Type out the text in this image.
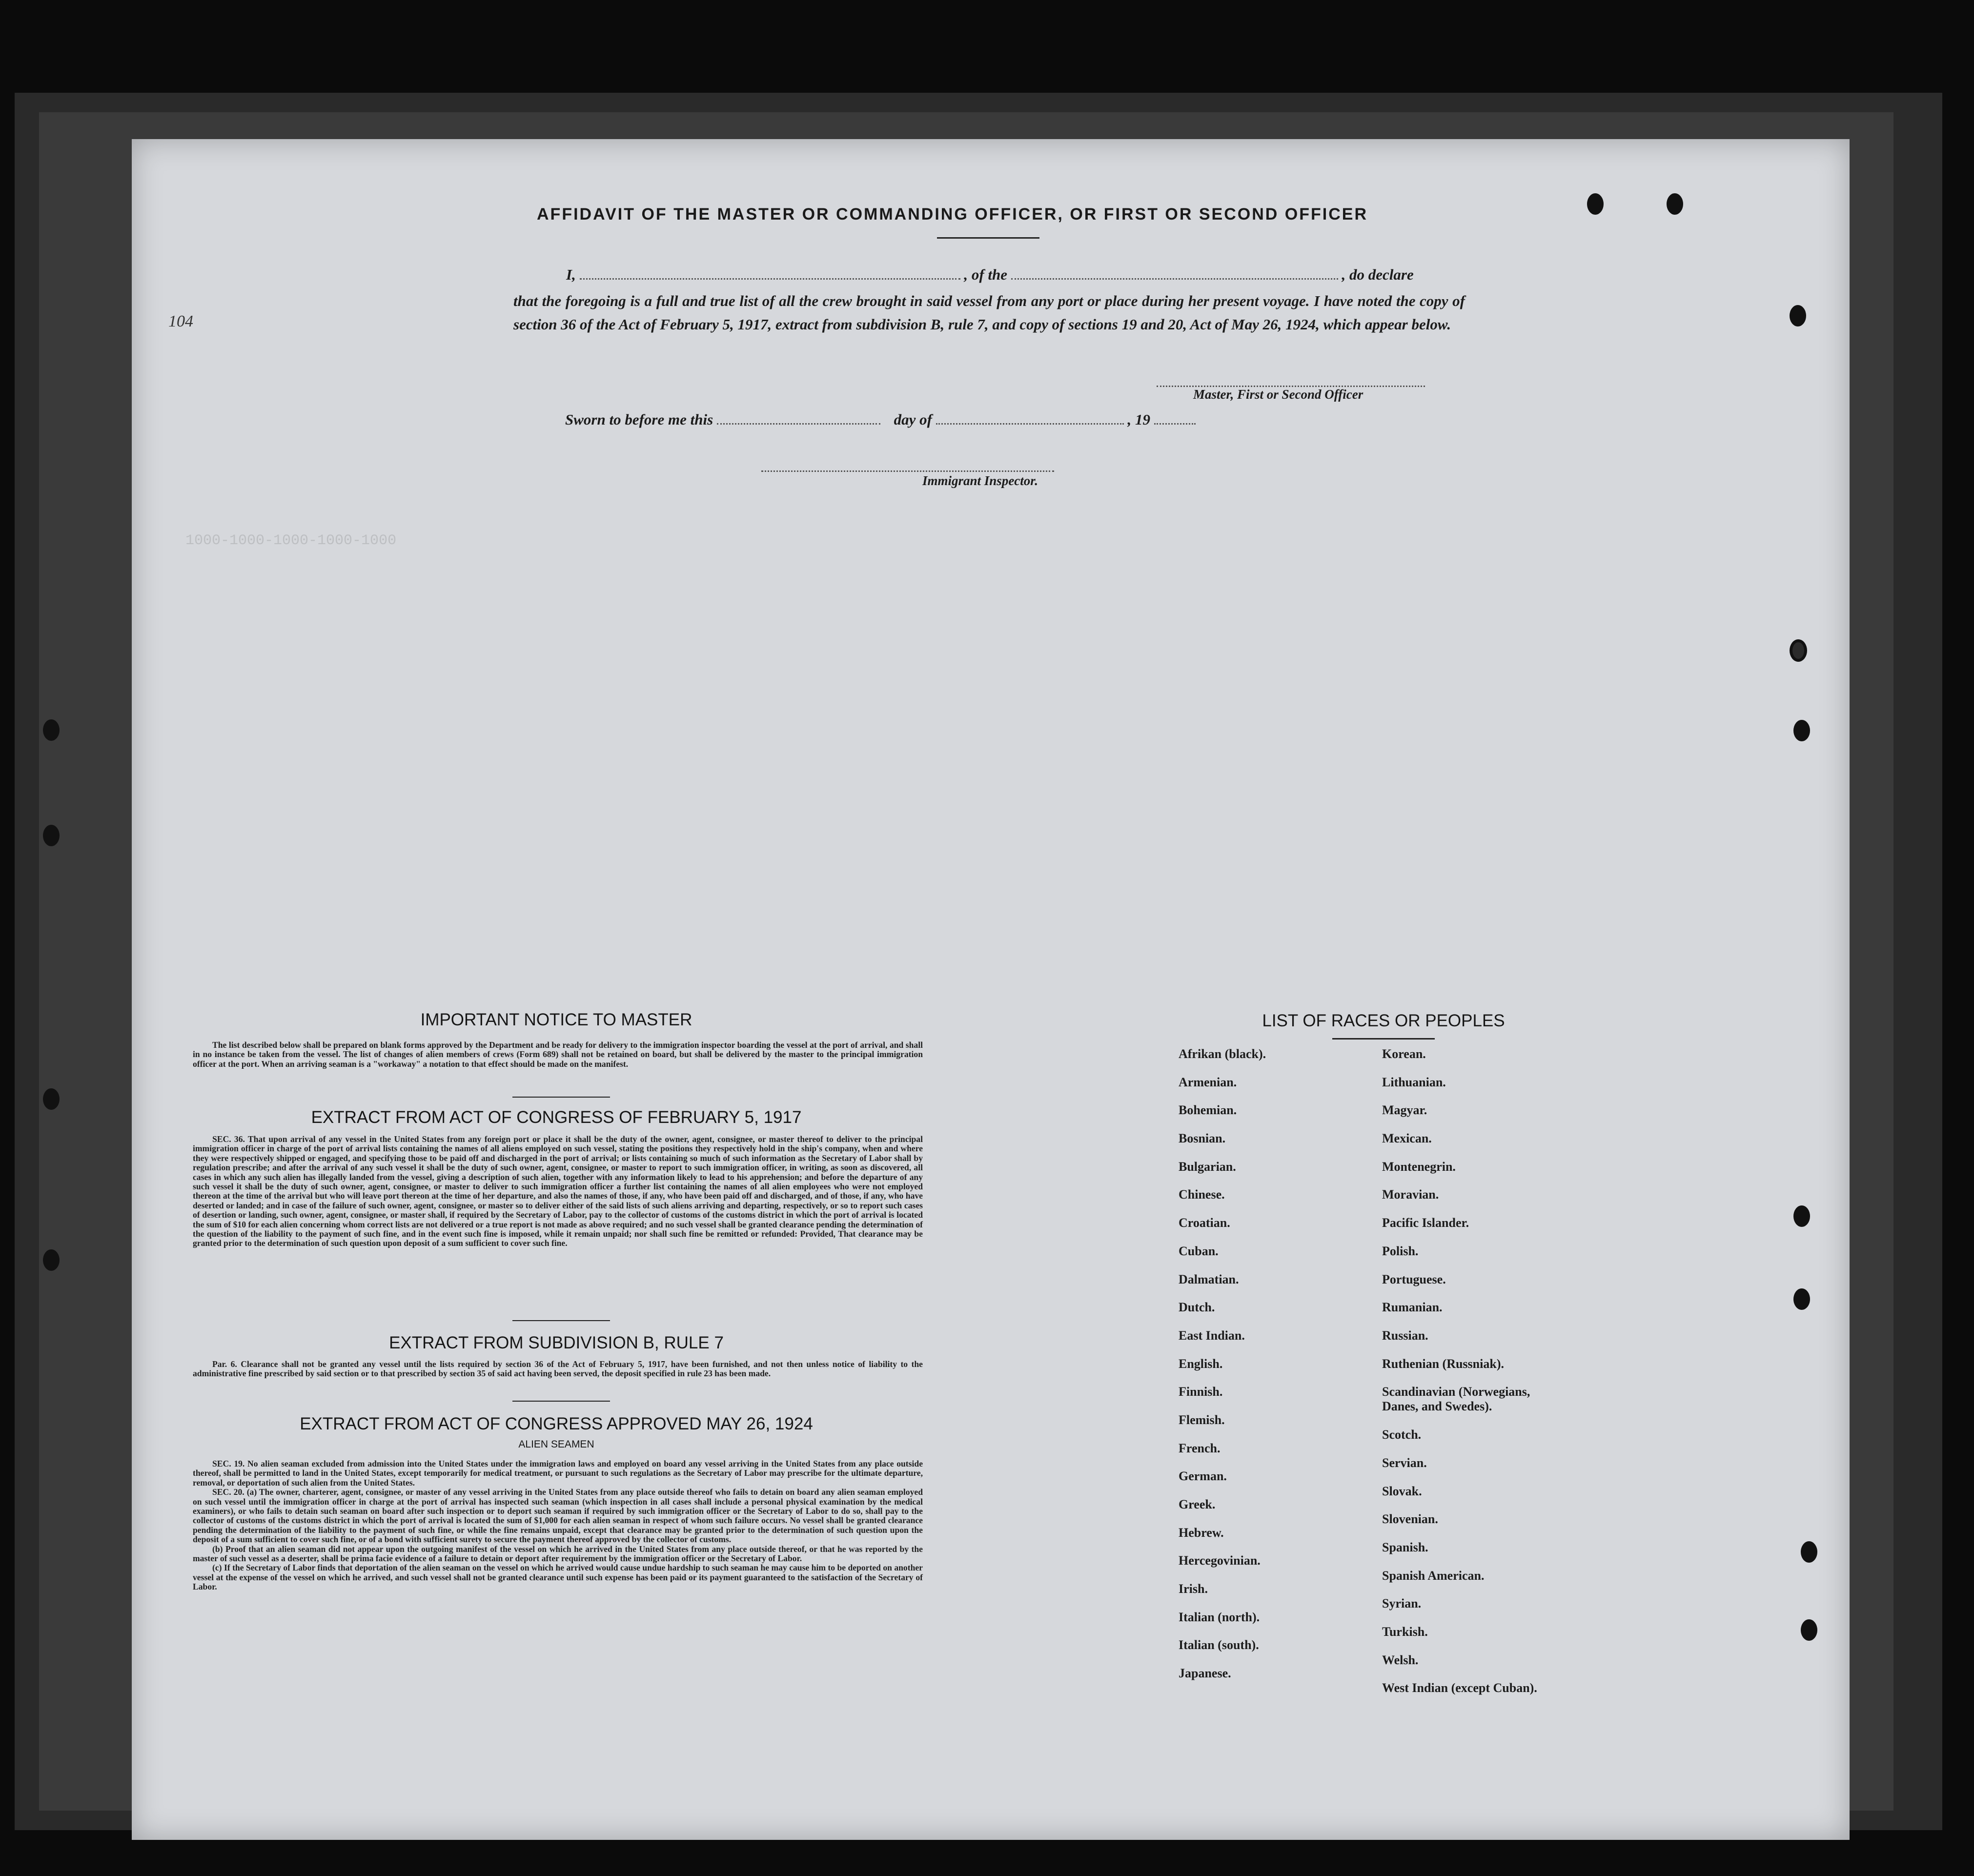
1000-1000-1000-1000-1000

104
AFFIDAVIT OF THE MASTER OR COMMANDING OFFICER, OR FIRST OR SECOND OFFICER
I,	, of the	, do declare
that the foregoing is a full and true list of all the crew brought in said vessel from any port or place during her present voyage. I have noted the copy of section 36 of the Act of February 5, 1917, extract from subdivision B, rule 7, and copy of sections 19 and 20, Act of May 26, 1924, which appear below.
Master, First or Second Officer
Sworn to before me this	day of	, 19
Immigrant Inspector.
IMPORTANT NOTICE TO MASTER

The list described below shall be prepared on blank forms approved by the Department and be ready for delivery to the immigration inspector boarding the vessel at the port of arrival, and shall in no instance be taken from the vessel. The list of changes of alien members of crews (Form 689) shall not be retained on board, but shall be delivered by the master to the principal immigration officer at the port. When an arriving seaman is a "workaway" a notation to that effect should be made on the manifest.

EXTRACT FROM ACT OF CONGRESS OF FEBRUARY 5, 1917

SEC. 36. That upon arrival of any vessel in the United States from any foreign port or place it shall be the duty of the owner, agent, consignee, or master thereof to deliver to the principal immigration officer in charge of the port of arrival lists containing the names of all aliens employed on such vessel, stating the positions they respectively hold in the ship's company, when and where they were respectively shipped or engaged, and specifying those to be paid off and discharged in the port of arrival; or lists containing so much of such information as the Secretary of Labor shall by regulation prescribe; and after the arrival of any such vessel it shall be the duty of such owner, agent, consignee, or master to report to such immigration officer, in writing, as soon as discovered, all cases in which any such alien has illegally landed from the vessel, giving a description of such alien, together with any information likely to lead to his apprehension; and before the departure of any such vessel it shall be the duty of such owner, agent, consignee, or master to deliver to such immigration officer a further list containing the names of all alien employees who were not employed thereon at the time of the arrival but who will leave port thereon at the time of her departure, and also the names of those, if any, who have been paid off and discharged, and of those, if any, who have deserted or landed; and in case of the failure of such owner, agent, consignee, or master so to deliver either of the said lists of such aliens arriving and departing, respectively, or so to report such cases of desertion or landing, such owner, agent, consignee, or master shall, if required by the Secretary of Labor, pay to the collector of customs of the customs district in which the port of arrival is located the sum of $10 for each alien concerning whom correct lists are not delivered or a true report is not made as above required; and no such vessel shall be granted clearance pending the determination of the question of the liability to the payment of such fine, and in the event such fine is imposed, while it remain unpaid; nor shall such fine be remitted or refunded: Provided, That clearance may be granted prior to the determination of such question upon deposit of a sum sufficient to cover such fine.

EXTRACT FROM SUBDIVISION B, RULE 7

Par. 6. Clearance shall not be granted any vessel until the lists required by section 36 of the Act of February 5, 1917, have been furnished, and not then unless notice of liability to the administrative fine prescribed by said section or to that prescribed by section 35 of said act having been served, the deposit specified in rule 23 has been made.

EXTRACT FROM ACT OF CONGRESS APPROVED MAY 26, 1924
ALIEN SEAMEN

SEC. 19. No alien seaman excluded from admission into the United States under the immigration laws and employed on board any vessel arriving in the United States from any place outside thereof, shall be permitted to land in the United States, except temporarily for medical treatment, or pursuant to such regulations as the Secretary of Labor may prescribe for the ultimate departure, removal, or deportation of such alien from the United States.

SEC. 20. (a) The owner, charterer, agent, consignee, or master of any vessel arriving in the United States from any place outside thereof who fails to detain on board any alien seaman employed on such vessel until the immigration officer in charge at the port of arrival has inspected such seaman (which inspection in all cases shall include a personal physical examination by the medical examiners), or who fails to detain such seaman on board after such inspection or to deport such seaman if required by such immigration officer or the Secretary of Labor to do so, shall pay to the collector of customs of the customs district in which the port of arrival is located the sum of $1,000 for each alien seaman in respect of whom such failure occurs. No vessel shall be granted clearance pending the determination of the liability to the payment of such fine, or while the fine remains unpaid, except that clearance may be granted prior to the determination of such question upon the deposit of a sum sufficient to cover such fine, or of a bond with sufficient surety to secure the payment thereof approved by the collector of customs.

(b) Proof that an alien seaman did not appear upon the outgoing manifest of the vessel on which he arrived in the United States from any place outside thereof, or that he was reported by the master of such vessel as a deserter, shall be prima facie evidence of a failure to detain or deport after requirement by the immigration officer or the Secretary of Labor.

(c) If the Secretary of Labor finds that deportation of the alien seaman on the vessel on which he arrived would cause undue hardship to such seaman he may cause him to be deported on another vessel at the expense of the vessel on which he arrived, and such vessel shall not be granted clearance until such expense has been paid or its payment guaranteed to the satisfaction of the Secretary of Labor.

LIST OF RACES OR PEOPLES
Afrikan (black).
Armenian.
Bohemian.
Bosnian.
Bulgarian.
Chinese.
Croatian.
Cuban.
Dalmatian.
Dutch.
East Indian.
English.
Finnish.
Flemish.
French.
German.
Greek.
Hebrew.
Hercegovinian.
Irish.
Italian (north).
Italian (south).
Japanese.
Korean.
Lithuanian.
Magyar.
Mexican.
Montenegrin.
Moravian.
Pacific Islander.
Polish.
Portuguese.
Rumanian.
Russian.
Ruthenian (Russniak).
Scandinavian (Norwegians,
Danes, and Swedes).
Scotch.
Servian.
Slovak.
Slovenian.
Spanish.
Spanish American.
Syrian.
Turkish.
Welsh.
West Indian (except Cuban).
